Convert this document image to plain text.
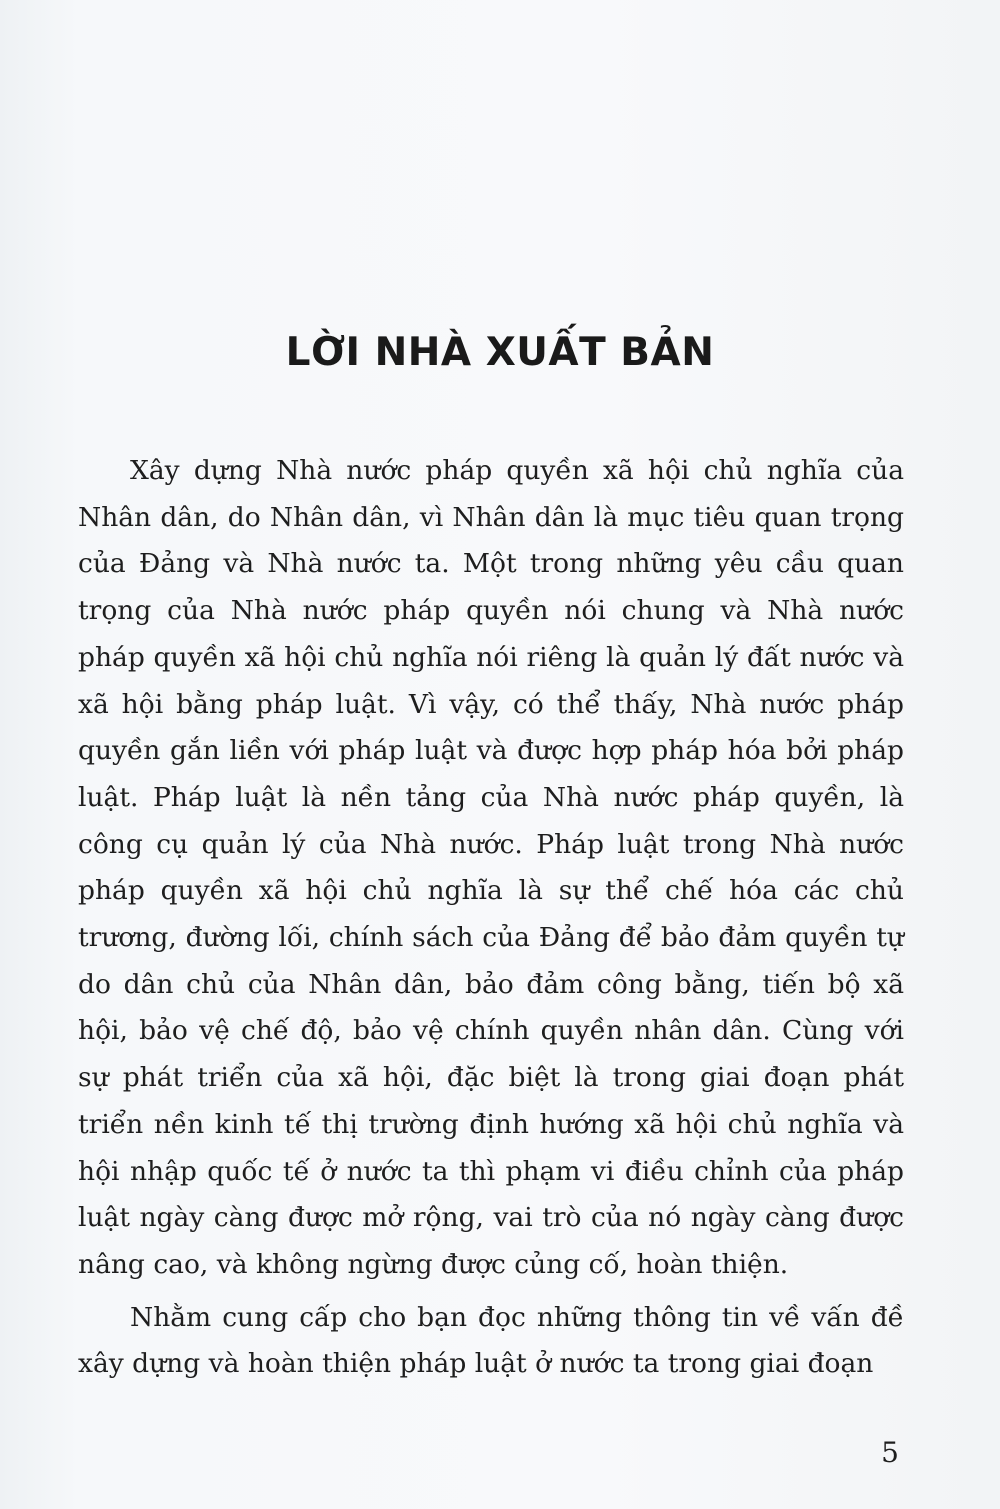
LỜI NHÀ XUẤT BẢN

Xây dựng Nhà nước pháp quyền xã hội chủ nghĩa của Nhân dân, do Nhân dân, vì Nhân dân là mục tiêu quan trọng của Đảng và Nhà nước ta. Một trong những yêu cầu quan trọng của Nhà nước pháp quyền nói chung và Nhà nước pháp quyền xã hội chủ nghĩa nói riêng là quản lý đất nước và xã hội bằng pháp luật. Vì vậy, có thể thấy, Nhà nước pháp quyền gắn liền với pháp luật và được hợp pháp hóa bởi pháp luật. Pháp luật là nền tảng của Nhà nước pháp quyền, là công cụ quản lý của Nhà nước. Pháp luật trong Nhà nước pháp quyền xã hội chủ nghĩa là sự thể chế hóa các chủ trương, đường lối, chính sách của Đảng để bảo đảm quyền tự do dân chủ của Nhân dân, bảo đảm công bằng, tiến bộ xã hội, bảo vệ chế độ, bảo vệ chính quyền nhân dân. Cùng với sự phát triển của xã hội, đặc biệt là trong giai đoạn phát triển nền kinh tế thị trường định hướng xã hội chủ nghĩa và hội nhập quốc tế ở nước ta thì phạm vi điều chỉnh của pháp luật ngày càng được mở rộng, vai trò của nó ngày càng được nâng cao, và không ngừng được củng cố, hoàn thiện.

Nhằm cung cấp cho bạn đọc những thông tin về vấn đề xây dựng và hoàn thiện pháp luật ở nước ta trong giai đoạn

5
